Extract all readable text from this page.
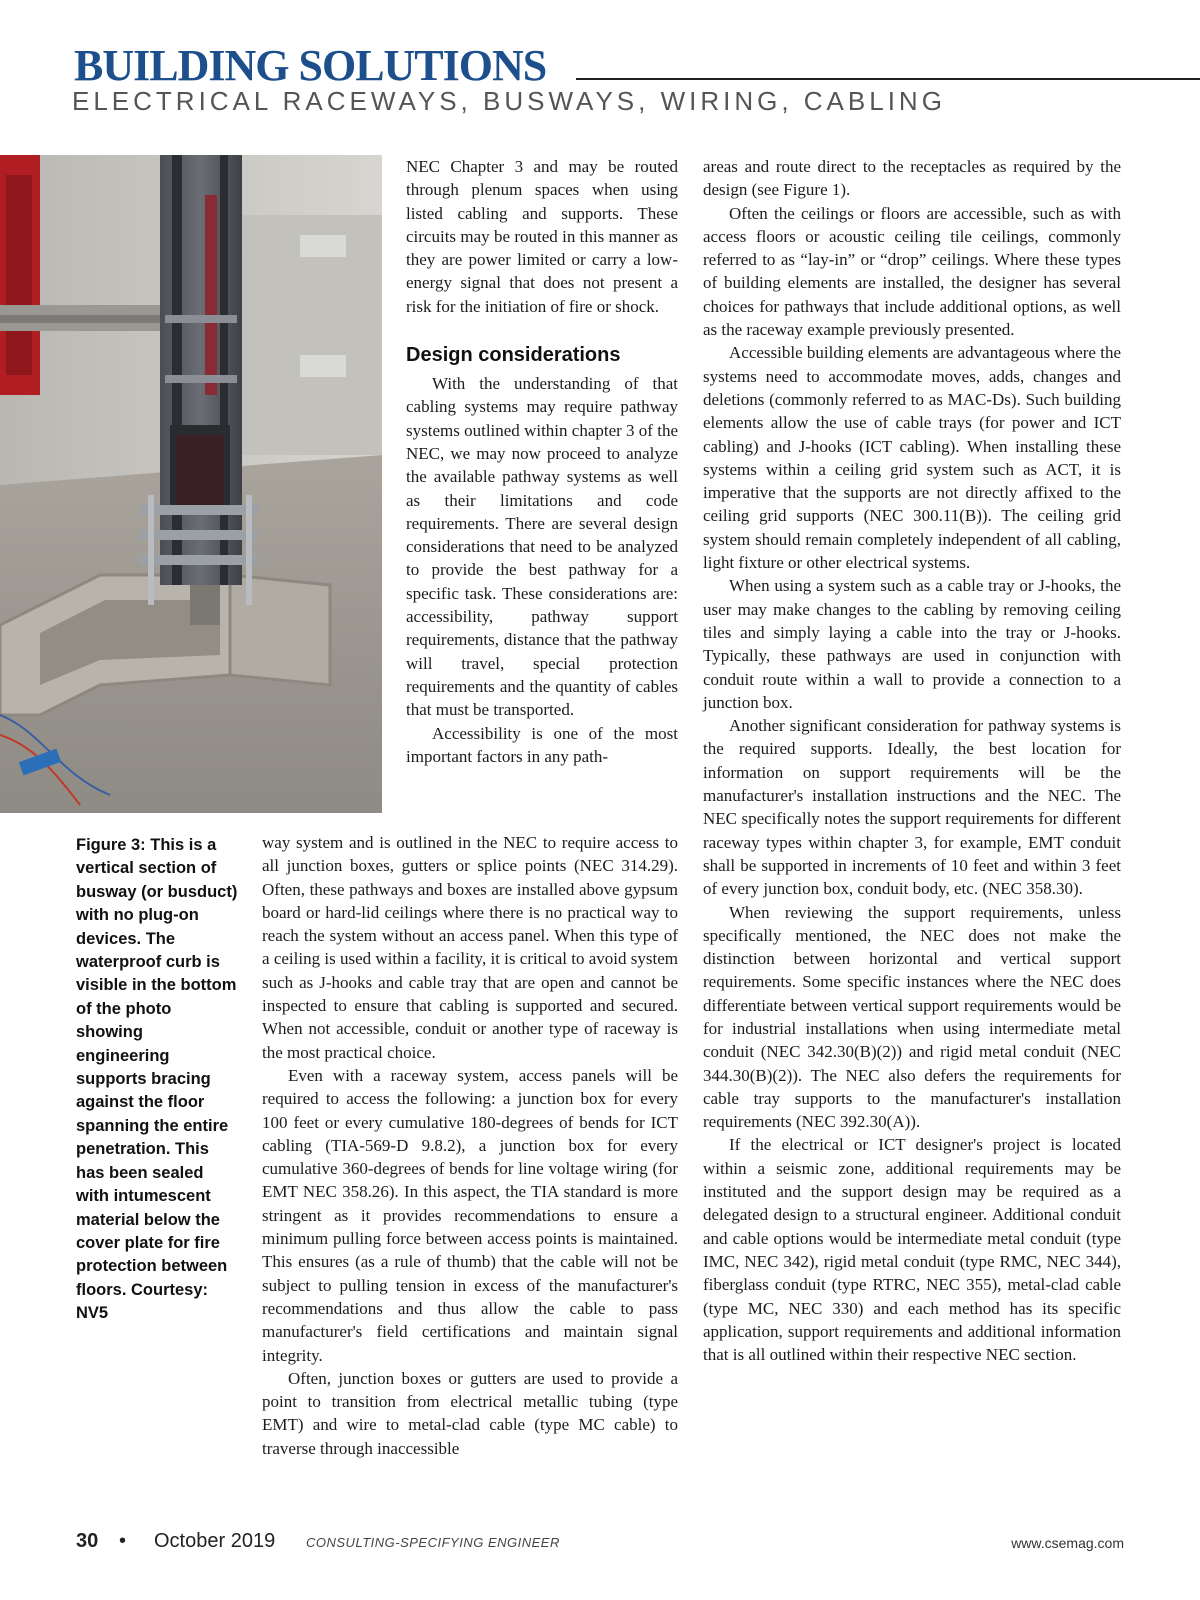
BUILDING SOLUTIONS
ELECTRICAL RACEWAYS, BUSWAYS, WIRING, CABLING

Figure 3: This is a vertical section of busway (or busduct) with no plug-on devices. The waterproof curb is visible in the bottom of the photo showing engineering supports bracing against the floor spanning the entire penetration. This has been sealed with intumescent material below the cover plate for fire protection between floors. Courtesy: NV5

NEC Chapter 3 and may be routed through plenum spaces when using listed cabling and supports. These circuits may be routed in this manner as they are power limited or carry a low-energy signal that does not present a risk for the initiation of fire or shock.

Design considerations

With the understanding of that cabling systems may require pathway systems outlined within chapter 3 of the NEC, we may now proceed to analyze the available pathway systems as well as their limitations and code requirements. There are several design considerations that need to be analyzed to provide the best pathway for a specific task. These considerations are: accessibility, pathway support requirements, distance that the pathway will travel, special protection requirements and the quantity of cables that must be transported.

Accessibility is one of the most important factors in any path-

way system and is outlined in the NEC to require access to all junction boxes, gutters or splice points (NEC 314.29). Often, these pathways and boxes are installed above gypsum board or hard-lid ceilings where there is no practical way to reach the system without an access panel. When this type of a ceiling is used within a facility, it is critical to avoid system such as J-hooks and cable tray that are open and cannot be inspected to ensure that cabling is supported and secured. When not accessible, conduit or another type of raceway is the most practical choice.

Even with a raceway system, access panels will be required to access the following: a junction box for every 100 feet or every cumulative 180-degrees of bends for ICT cabling (TIA-569-D 9.8.2), a junction box for every cumulative 360-degrees of bends for line voltage wiring (for EMT NEC 358.26). In this aspect, the TIA standard is more stringent as it provides recommendations to ensure a minimum pulling force between access points is maintained. This ensures (as a rule of thumb) that the cable will not be subject to pulling tension in excess of the manufacturer's recommendations and thus allow the cable to pass manufacturer's field certifications and maintain signal integrity.

Often, junction boxes or gutters are used to provide a point to transition from electrical metallic tubing (type EMT) and wire to metal-clad cable (type MC cable) to traverse through inaccessible

areas and route direct to the receptacles as required by the design (see Figure 1).

Often the ceilings or floors are accessible, such as with access floors or acoustic ceiling tile ceilings, commonly referred to as “lay-in” or “drop” ceilings. Where these types of building elements are installed, the designer has several choices for pathways that include additional options, as well as the raceway example previously presented.

Accessible building elements are advantageous where the systems need to accommodate moves, adds, changes and deletions (commonly referred to as MAC-Ds). Such building elements allow the use of cable trays (for power and ICT cabling) and J-hooks (ICT cabling). When installing these systems within a ceiling grid system such as ACT, it is imperative that the supports are not directly affixed to the ceiling grid supports (NEC 300.11(B)). The ceiling grid system should remain completely independent of all cabling, light fixture or other electrical systems.

When using a system such as a cable tray or J-hooks, the user may make changes to the cabling by removing ceiling tiles and simply laying a cable into the tray or J-hooks. Typically, these pathways are used in conjunction with conduit route within a wall to provide a connection to a junction box.

Another significant consideration for pathway systems is the required supports. Ideally, the best location for information on support requirements will be the manufacturer's installation instructions and the NEC. The NEC specifically notes the support requirements for different raceway types within chapter 3, for example, EMT conduit shall be supported in increments of 10 feet and within 3 feet of every junction box, conduit body, etc. (NEC 358.30).

When reviewing the support requirements, unless specifically mentioned, the NEC does not make the distinction between horizontal and vertical support requirements. Some specific instances where the NEC does differentiate between vertical support requirements would be for industrial installations when using intermediate metal conduit (NEC 342.30(B)(2)) and rigid metal conduit (NEC 344.30(B)(2)). The NEC also defers the requirements for cable tray supports to the manufacturer's installation requirements (NEC 392.30(A)).

If the electrical or ICT designer's project is located within a seismic zone, additional requirements may be instituted and the support design may be required as a delegated design to a structural engineer. Additional conduit and cable options would be intermediate metal conduit (type IMC, NEC 342), rigid metal conduit (type RMC, NEC 344), fiberglass conduit (type RTRC, NEC 355), metal-clad cable (type MC, NEC 330) and each method has its specific application, support requirements and additional information that is all outlined within their respective NEC section.

30 • October 2019 CONSULTING-SPECIFYING ENGINEER	www.csemag.com
